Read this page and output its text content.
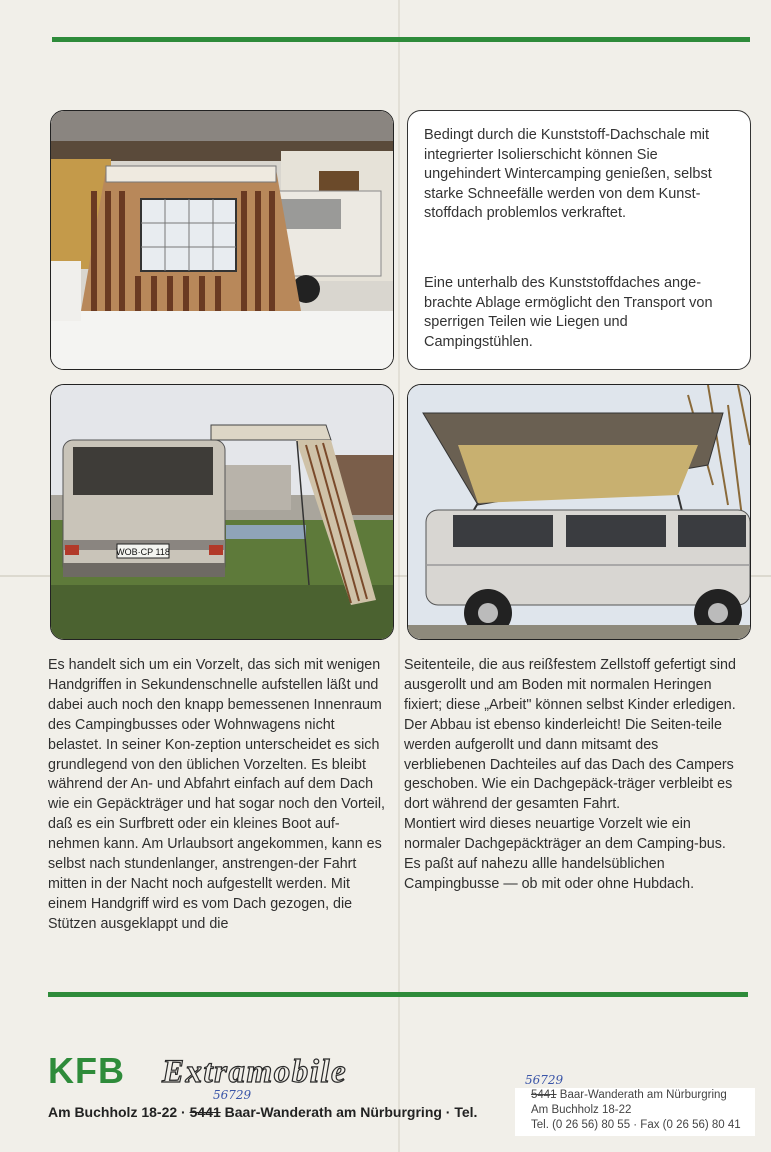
Bedingt durch die Kunststoff-Dachschale mit integrierter Isolierschicht können Sie ungehindert Wintercamping genießen, selbst starke Schneefälle werden von dem Kunst-stoffdach problemlos verkraftet.
Eine unterhalb des Kunststoffdaches ange-brachte Ablage ermöglicht den Transport von sperrigen Teilen wie Liegen und Campingstühlen.
WOB·CP 118
Es handelt sich um ein Vorzelt, das sich mit wenigen Handgriffen in Sekundenschnelle aufstellen läßt und dabei auch noch den knapp bemessenen Innenraum des Campingbusses oder Wohnwagens nicht belastet. In seiner Kon-zeption unterscheidet es sich grundlegend von den üblichen Vorzelten. Es bleibt während der An- und Abfahrt einfach auf dem Dach wie ein Gepäckträger und hat sogar noch den Vorteil, daß es ein Surfbrett oder ein kleines Boot auf-nehmen kann. Am Urlaubsort angekommen, kann es selbst nach stundenlanger, anstrengen-der Fahrt mitten in der Nacht noch aufgestellt werden. Mit einem Handgriff wird es vom Dach gezogen, die Stützen ausgeklappt und die

Seitenteile, die aus reißfestem Zellstoff gefertigt sind ausgerollt und am Boden mit normalen Heringen fixiert; diese „Arbeit" können selbst Kinder erledigen.

Der Abbau ist ebenso kinderleicht! Die Seiten-teile werden aufgerollt und dann mitsamt des verbliebenen Dachteiles auf das Dach des Campers geschoben. Wie ein Dachgepäck-träger verbleibt es dort während der gesamten Fahrt.

Montiert wird dieses neuartige Vorzelt wie ein normaler Dachgepäckträger an dem Camping-bus. Es paßt auf nahezu allle handelsüblichen Campingbusse — ob mit oder ohne Hubdach.

KFB Extramobile
Am Buchholz 18-22 · 5441 Baar-Wanderath am Nürburgring · Tel.
56729
56729
5441 Baar-Wanderath am Nürburgring
Am Buchholz 18-22
Tel. (0 26 56) 80 55 · Fax (0 26 56) 80 41
